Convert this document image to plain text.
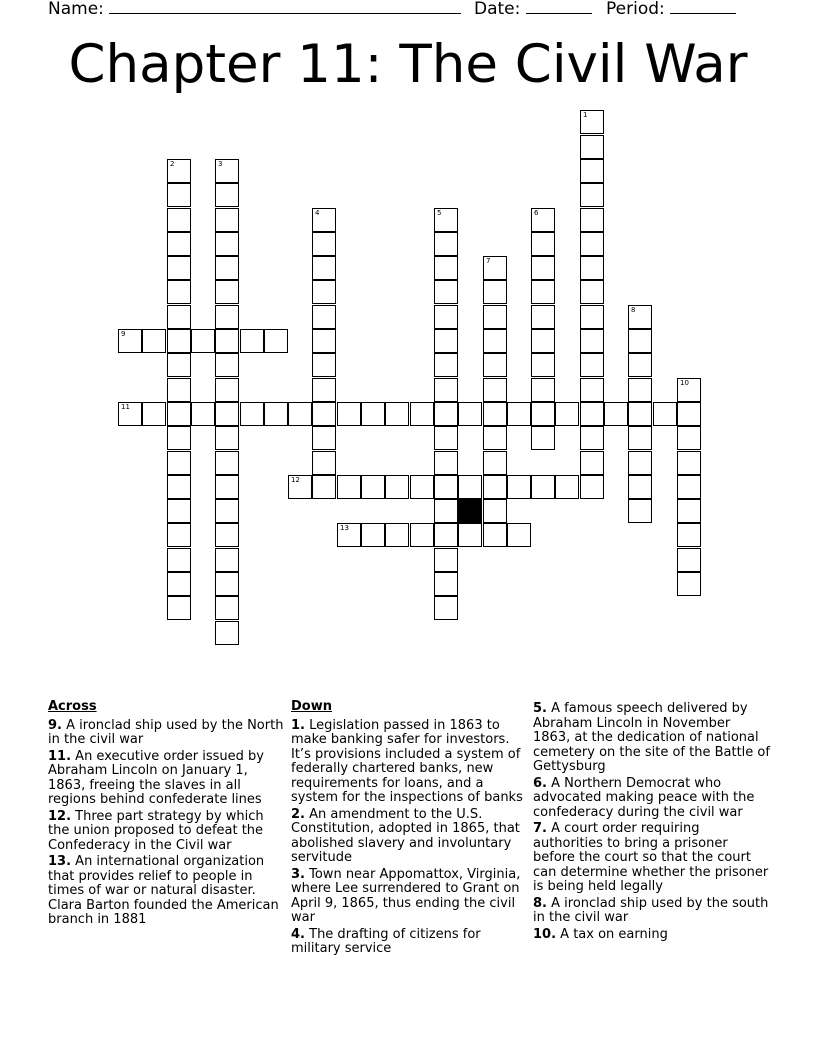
Name:	Date:	Period:
Chapter 11: The Civil War
1
2	3
4	5	6
7
8
9
10
11
12
13
Across
9. A ironclad ship used by the North in the civil war
11. An executive order issued by Abraham Lincoln on January 1, 1863, freeing the slaves in all regions behind confederate lines
12. Three part strategy by which the union proposed to defeat the Confederacy in the Civil war
13. An international organization that provides relief to people in times of war or natural disaster. Clara Barton founded the American branch in 1881
Down
1. Legislation passed in 1863 to make banking safer for investors. It’s provisions included a system of federally chartered banks, new requirements for loans, and a system for the inspections of banks
2. An amendment to the U.S. Constitution, adopted in 1865, that abolished slavery and involuntary servitude
3. Town near Appomattox, Virginia, where Lee surrendered to Grant on April 9, 1865, thus ending the civil war
4. The drafting of citizens for military service
5. A famous speech delivered by Abraham Lincoln in November 1863, at the dedication of national cemetery on the site of the Battle of Gettysburg
6. A Northern Democrat who advocated making peace with the confederacy during the civil war
7. A court order requiring authorities to bring a prisoner before the court so that the court can determine whether the prisoner is being held legally
8. A ironclad ship used by the south in the civil war
10. A tax on earning
